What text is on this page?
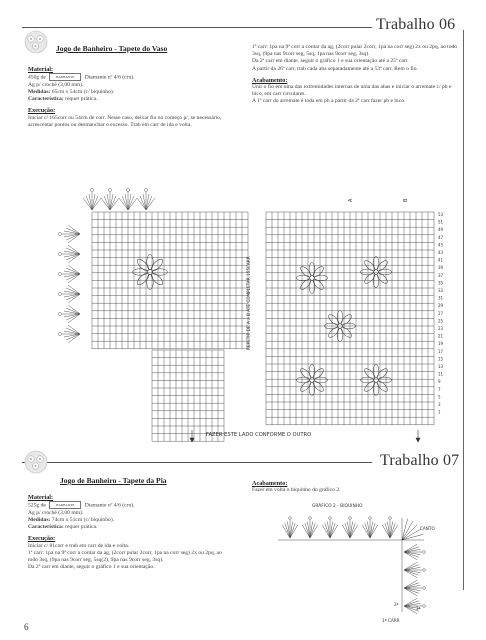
Trabalho 06
Jogo de Banheiro - Tapete do Vaso
Material:
450g de	BARBANTE Diamante nº 4/6 (cru).
Ag p/ crochê (3,00 mm).
Medidas: 65cm x 54cm (c/ biquinho).
Característica: requer prática.
Execução:
Iniciar c/ 165corr ou 54cm de corr. Nesse caso, deixar fio no começo p/, se necessário, acrescentar pontos ou desmanchar o excesso. Trab em carr de ida e volta.
1ª carr: 1pa na 9ª corr a contar da ag, (2corr pular 2corr, 1pa na corr seg) 2x ou 2pq, ao todo 3sq, (9pa nas 9corr seg, 5sq, 1pa nas 9corr seg, 3sq).
Da 2ª carr em diante, seguir o gráfico 1 e sua orientação até a 25ª carr.
A partir da 26ª carr, trab cada aba separadamente até a 53ª carr. Rem o fio.
Acabamento:
Unir o fio em uma das extremidades internas de uma das abas e iniciar o arremate c/ pb e bico, em carr circulares.
A 1ª carr do arremate é toda em pb a partir da 2ª carr fazer pb e bico.
53
51
49
47
45
43
41
39
37
35
33
31
29
27
25
23
21
19
17
15
13
11
9
7
5
3
1
A	B
REPETIR DE A a B ATÉ COMPLETAR 165CARR
FAZER ESTE LADO CONFORME O OUTRO
Trabalho 07
Jogo de Banheiro - Tapete da Pia
Material:
525g de	BARBANTE Diamante nº 4/6 (cru).
Ag p/ crochê (3,00 mm).
Medidas: 74cm x 51cm (c/ biquinho).
Característica: requer prática.
Execução:
Iniciar c/ 81corr e trab em carr de ida e volta.
1ª carr: 1pa na 9ª corr a contar da ag, (2corr pular 2corr, 1pa na corr seg) 2x ou 2pq, ao todo 3sq, (9pa nas 9corr seg, 5sq(2), 9pa nas 9corr seg, 3sq).
Da 2ª carr em diante, seguir o gráfico 1 e sua orientação.
Acabamento:
Fazer em volta o biquinho do gráfico 2.
GRÁFICO 2 - BIQUINHO
CANTO
1ª CARR
2ª
3ª
6
